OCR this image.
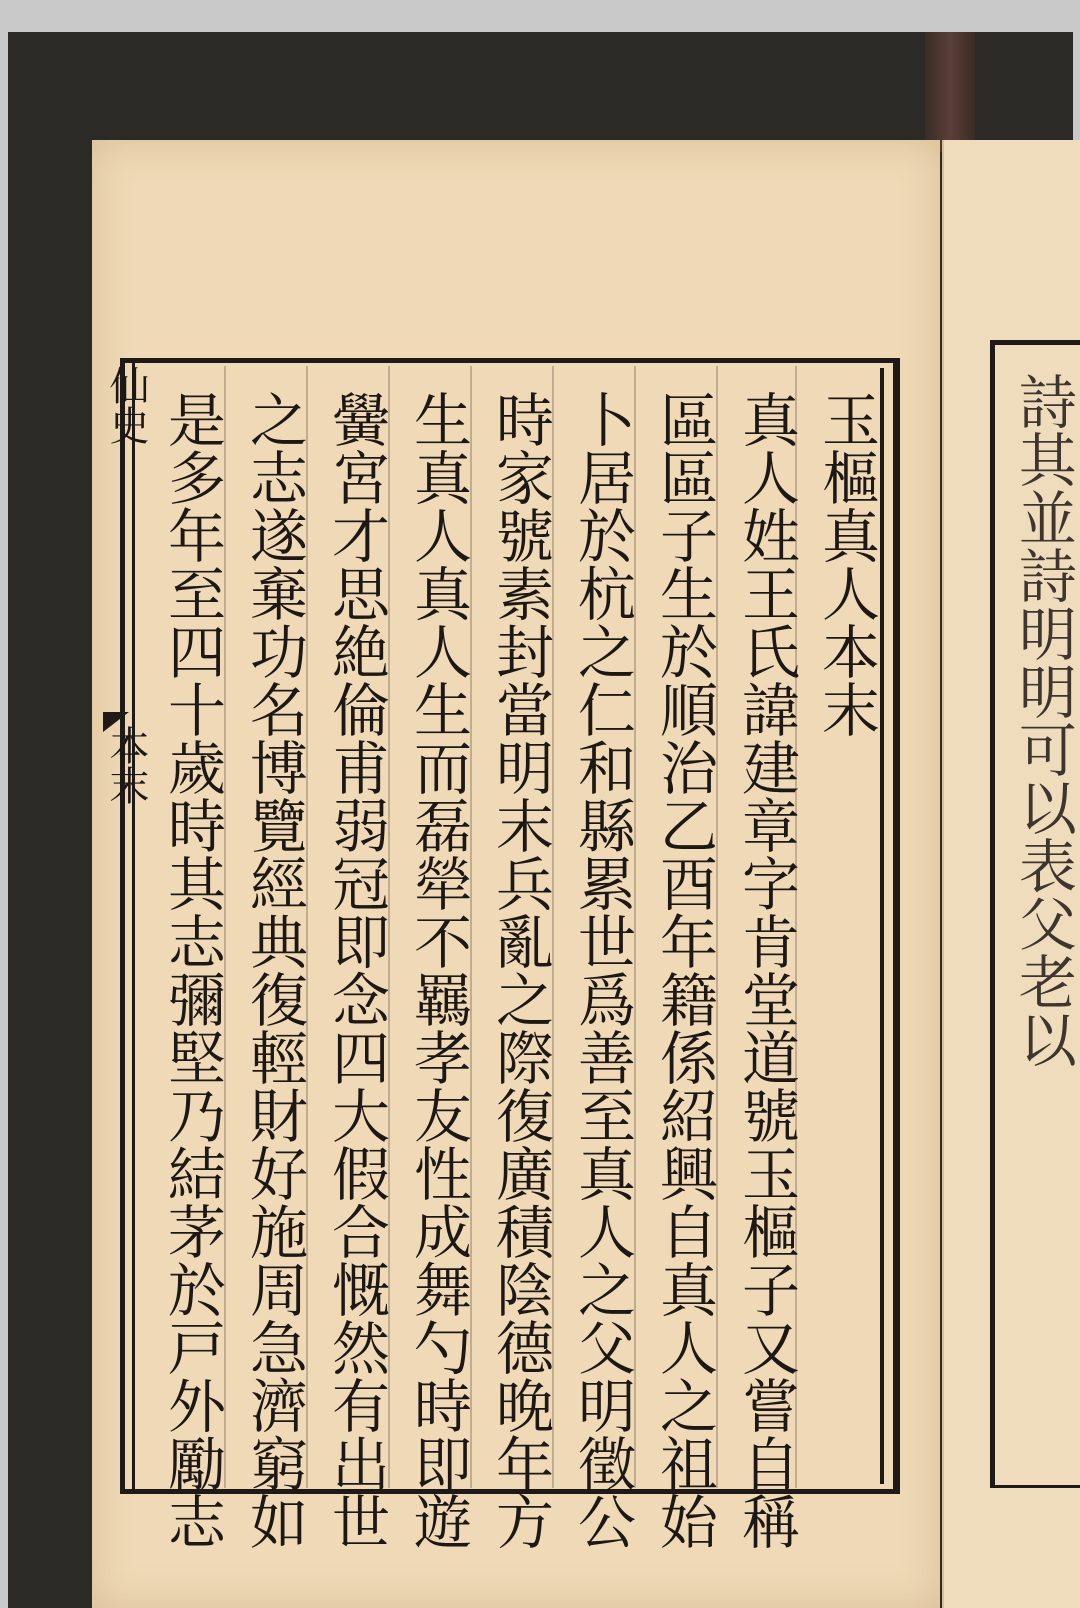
詩其並詩明明可以表父老以
仙史
本末
玉樞真人本末
真人姓王氏諱建章字肯堂道號玉樞子又嘗自稱
區區子生於順治乙酉年籍係紹興自真人之祖始
卜居於杭之仁和縣累世爲善至真人之父明徵公
時家號素封當明末兵亂之際復廣積陰德晚年方
生真人真人生而磊犖不羈孝友性成舞勺時即遊
黌宮才思絶倫甫弱冠即念四大假合慨然有出世
之志遂棄功名博覽經典復輕財好施周急濟窮如
是多年至四十歲時其志彌堅乃結茅於戸外勵志
